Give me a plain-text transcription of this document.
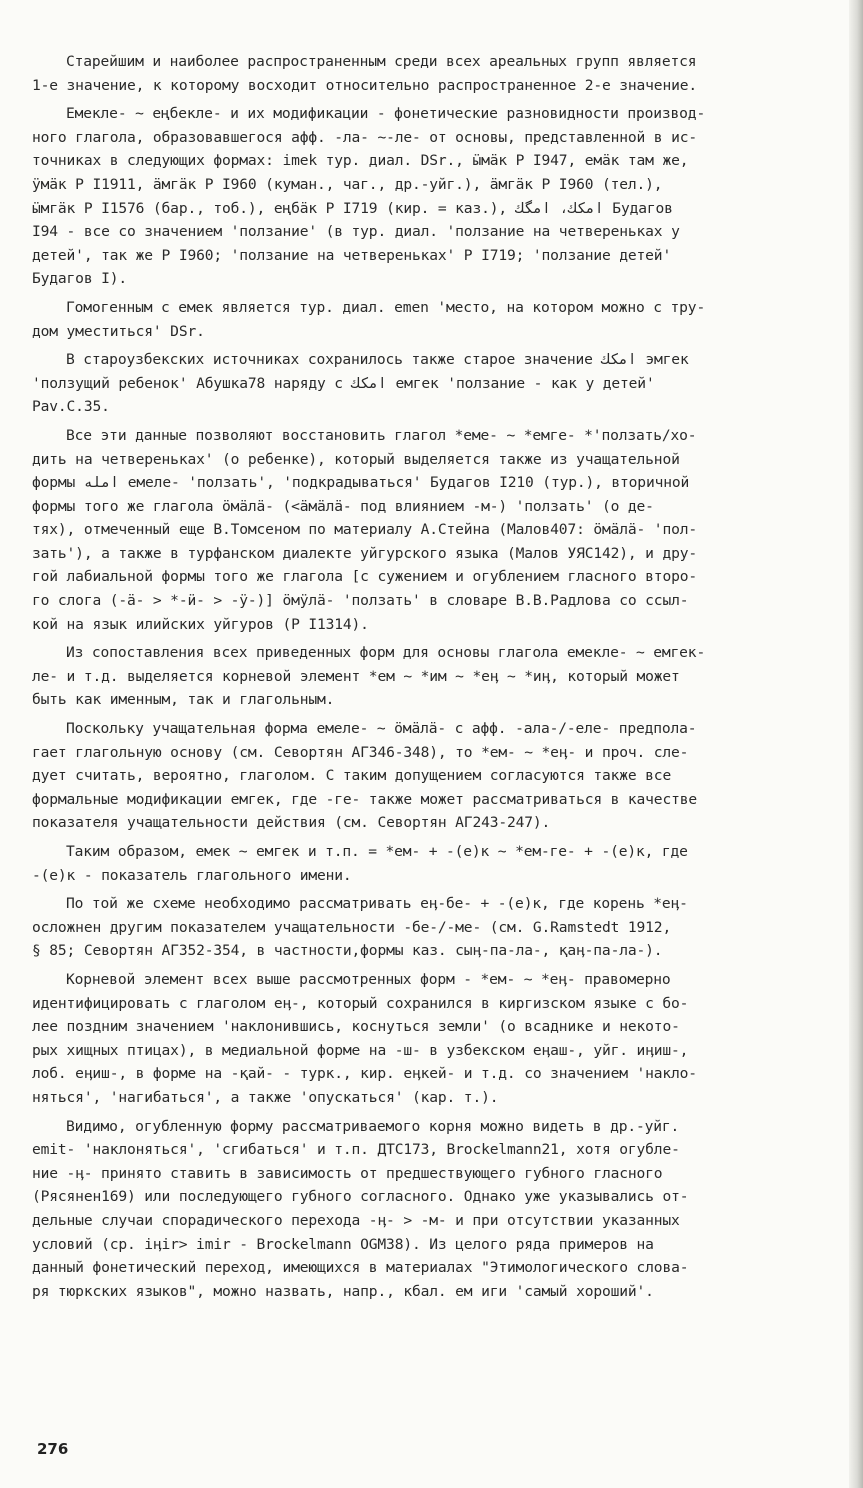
Старейшим и наиболее распространенным среди всех ареальных групп является
1-е значение, к которому восходит относительно распространенное 2-е значение.
Емекле- ~ еңбекле- и их модификации - фонетические разновидности производ-
ного глагола, образовавшегося афф. -ла- ~-ле- от основы, представленной в ис-
точниках в следующих формах: imek тур. диал. DSr., ӹмӓк Р I947, емӓк там же,
ӱмӓк Р I1911, ӓмгӓк Р I960 (куман., чаг., др.-уйг.), ӓмгӓк Р I960 (тел.),
ӹмгӓк Р I1576 (бар., тоб.), еңбӓк Р I719 (кир. = каз.), امكك، امگك Будагов
I94 - все со значением 'ползание' (в тур. диал. 'ползание на четвереньках у
детей', так же Р I960; 'ползание на четвереньках' Р I719; 'ползание детей'
Будагов I).
Гомогенным с емек является тур. диал. emen 'место, на котором можно с тру-
дом уместиться' DSr.
В староузбекских источниках сохранилось также старое значение امكك эмгек
'ползущий ребенок' Абушка78 наряду с امكك емгек 'ползание - как у детей'
Pav.C.35.
Все эти данные позволяют восстановить глагол *еме- ~ *емге- *'ползать/хо-
дить на четвереньках' (о ребенке), который выделяется также из учащательной
формы امله емеле- 'ползать', 'подкрадываться' Будагов I210 (тур.), вторичной
формы того же глагола ӧмӓлӓ- (<ӓмӓлӓ- под влиянием -м-) 'ползать' (о де-
тях), отмеченный еще В.Томсеном по материалу А.Стейна (Малов407: ӧмӓлӓ- 'пол-
зать'), а также в турфанском диалекте уйгурского языка (Малов УЯС142), и дру-
гой лабиальной формы того же глагола [с сужением и огублением гласного второ-
го слога (-ӓ- > *-ӥ- > -ӱ-)] ӧмӱлӓ- 'ползать' в словаре В.В.Радлова со ссыл-
кой на язык илийских уйгуров (Р I1314).
Из сопоставления всех приведенных форм для основы глагола емекле- ~ емгек-
ле- и т.д. выделяется корневой элемент *ем ~ *им ~ *еӊ ~ *иӊ, который может
быть как именным, так и глагольным.
Поскольку учащательная форма емеле- ~ ӧмӓлӓ- с афф. -ала-/-еле- предпола-
гает глагольную основу (см. Севортян АГ346-348), то *ем- ~ *еӊ- и проч. сле-
дует считать, вероятно, глаголом. С таким допущением согласуются также все
формальные модификации емгек, где -ге- также может рассматриваться в качестве
показателя учащательности действия (см. Севортян АГ243-247).
Таким образом, емек ~ емгек и т.п. = *ем- + -(е)к ~ *ем-ге- + -(е)к, где
-(е)к - показатель глагольного имени.
По той же схеме необходимо рассматривать еӊ-бе- + -(е)к, где корень *еӊ-
осложнен другим показателем учащательности -бе-/-ме- (см. G.Ramstedt 1912,
§ 85; Севортян АГ352-354, в частности,формы каз. сыӊ-па-ла-, қаӊ-па-ла-).
Корневой элемент всех выше рассмотренных форм - *ем- ~ *еӊ- правомерно
идентифицировать с глаголом еӊ-, который сохранился в киргизском языке с бо-
лее поздним значением 'наклонившись, коснуться земли' (о всаднике и некото-
рых хищных птицах), в медиальной форме на -ш- в узбекском еӊаш-, уйг. иӊиш-,
лоб. еӊиш-, в форме на -қай- - турк., кир. еӊкей- и т.д. со значением 'накло-
няться', 'нагибаться', а также 'опускаться' (кар. т.).
Видимо, огубленную форму рассматриваемого корня можно видеть в др.-уйг.
emit- 'наклоняться', 'сгибаться' и т.п. ДТС173, Brockelmann21, хотя огубле-
ние -ӊ- принято ставить в зависимость от предшествующего губного гласного
(Рясянен169) или последующего губного согласного. Однако уже указывались от-
дельные случаи спорадического перехода -ӊ- > -м- и при отсутствии указанных
условий (ср. iӊir> imir - Brockelmann OGM38). Из целого ряда примеров на
данный фонетический переход, имеющихся в материалах "Этимологического слова-
ря тюркских языков", можно назвать, напр., кбал. ем иги 'самый хороший'.
276
